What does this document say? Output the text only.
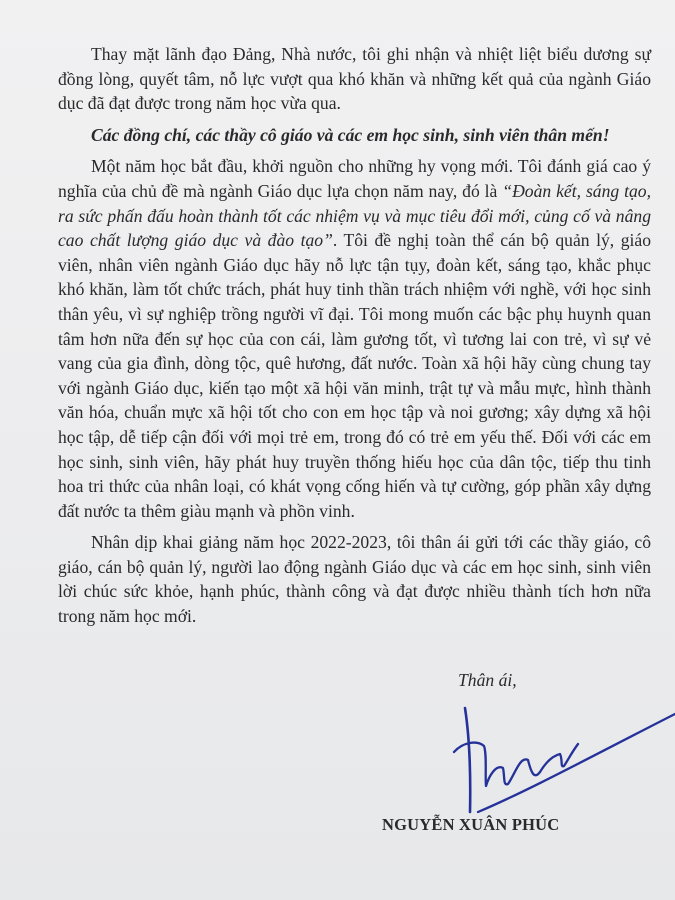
Thay mặt lãnh đạo Đảng, Nhà nước, tôi ghi nhận và nhiệt liệt biểu dương sự đồng lòng, quyết tâm, nỗ lực vượt qua khó khăn và những kết quả của ngành Giáo dục đã đạt được trong năm học vừa qua.

Các đồng chí, các thầy cô giáo và các em học sinh, sinh viên thân mến!

Một năm học bắt đầu, khởi nguồn cho những hy vọng mới. Tôi đánh giá cao ý nghĩa của chủ đề mà ngành Giáo dục lựa chọn năm nay, đó là “Đoàn kết, sáng tạo, ra sức phấn đấu hoàn thành tốt các nhiệm vụ và mục tiêu đổi mới, củng cố và nâng cao chất lượng giáo dục và đào tạo”. Tôi đề nghị toàn thể cán bộ quản lý, giáo viên, nhân viên ngành Giáo dục hãy nỗ lực tận tụy, đoàn kết, sáng tạo, khắc phục khó khăn, làm tốt chức trách, phát huy tinh thần trách nhiệm với nghề, với học sinh thân yêu, vì sự nghiệp trồng người vĩ đại. Tôi mong muốn các bậc phụ huynh quan tâm hơn nữa đến sự học của con cái, làm gương tốt, vì tương lai con trẻ, vì sự vẻ vang của gia đình, dòng tộc, quê hương, đất nước. Toàn xã hội hãy cùng chung tay với ngành Giáo dục, kiến tạo một xã hội văn minh, trật tự và mẫu mực, hình thành văn hóa, chuẩn mực xã hội tốt cho con em học tập và noi gương; xây dựng xã hội học tập, dễ tiếp cận đối với mọi trẻ em, trong đó có trẻ em yếu thế. Đối với các em học sinh, sinh viên, hãy phát huy truyền thống hiếu học của dân tộc, tiếp thu tinh hoa tri thức của nhân loại, có khát vọng cống hiến và tự cường, góp phần xây dựng đất nước ta thêm giàu mạnh và phồn vinh.

Nhân dịp khai giảng năm học 2022-2023, tôi thân ái gửi tới các thầy giáo, cô giáo, cán bộ quản lý, người lao động ngành Giáo dục và các em học sinh, sinh viên lời chúc sức khỏe, hạnh phúc, thành công và đạt được nhiều thành tích hơn nữa trong năm học mới.

Thân ái,
NGUYỄN XUÂN PHÚC
